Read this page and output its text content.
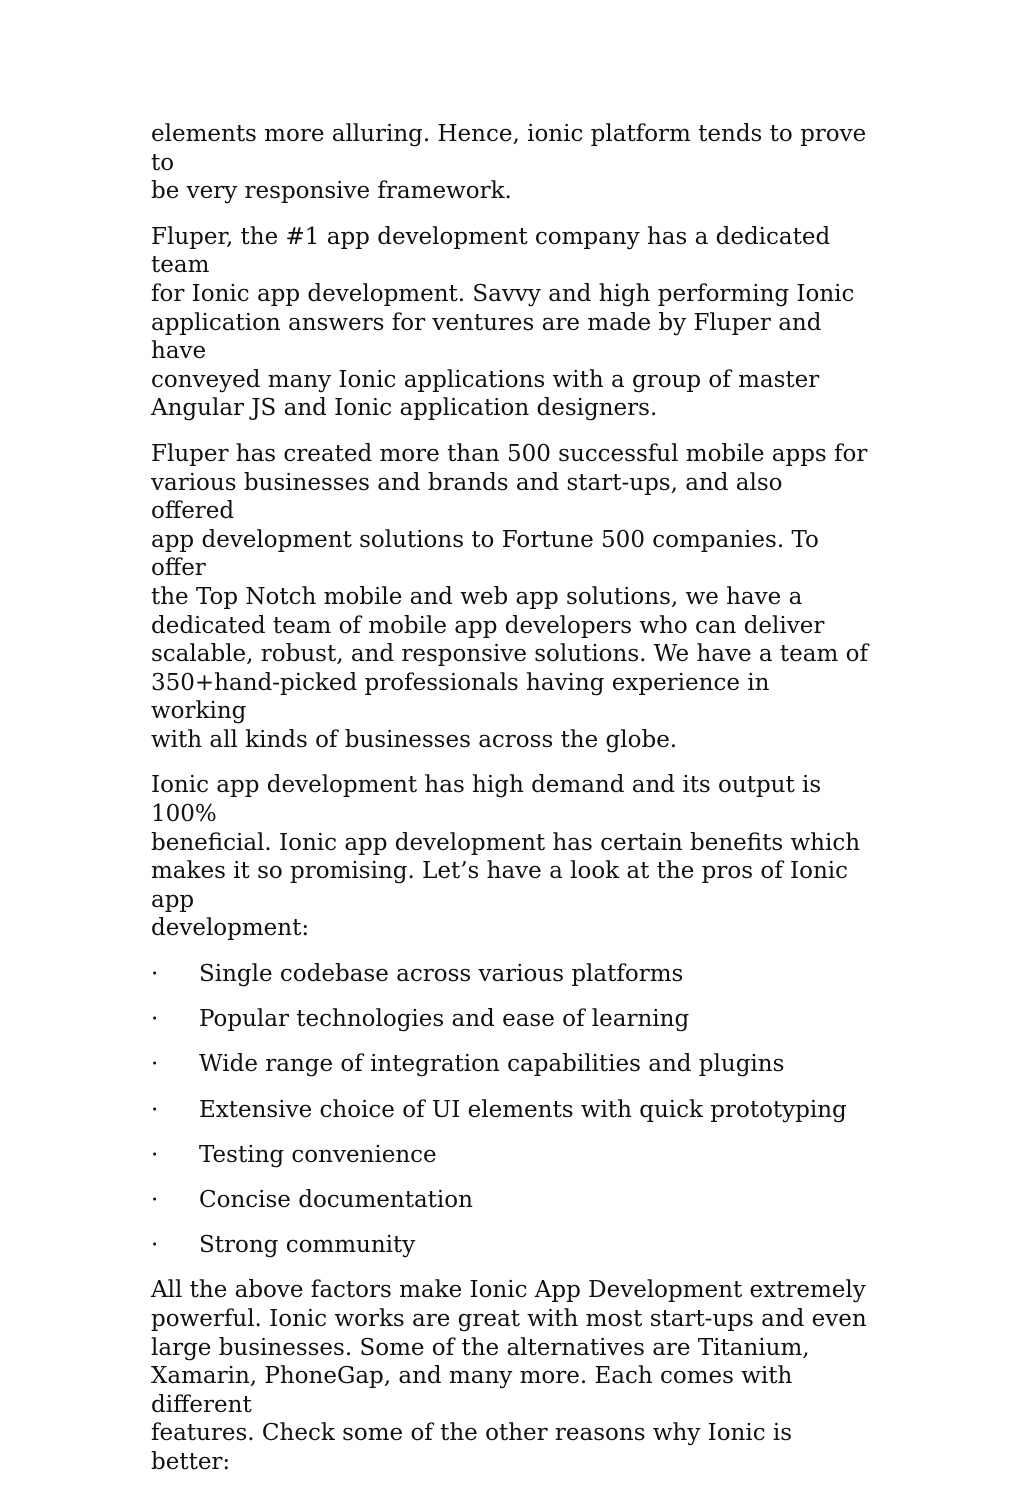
elements more alluring. Hence, ionic platform tends to prove to
be very responsive framework.

Fluper, the #1 app development company has a dedicated team
for Ionic app development. Savvy and high performing Ionic
application answers for ventures are made by Fluper and have
conveyed many Ionic applications with a group of master
Angular JS and Ionic application designers.

Fluper has created more than 500 successful mobile apps for
various businesses and brands and start-ups, and also offered
app development solutions to Fortune 500 companies. To offer
the Top Notch mobile and web app solutions, we have a
dedicated team of mobile app developers who can deliver
scalable, robust, and responsive solutions. We have a team of
350+hand-picked professionals having experience in working
with all kinds of businesses across the globe.

Ionic app development has high demand and its output is 100%
beneficial. Ionic app development has certain benefits which
makes it so promising. Let’s have a look at the pros of Ionic app
development:

·	Single codebase across various platforms
·	Popular technologies and ease of learning
·	Wide range of integration capabilities and plugins
·	Extensive choice of UI elements with quick prototyping
·	Testing convenience
·	Concise documentation
·	Strong community

All the above factors make Ionic App Development extremely
powerful. Ionic works are great with most start-ups and even
large businesses. Some of the alternatives are Titanium,
Xamarin, PhoneGap, and many more. Each comes with different
features. Check some of the other reasons why Ionic is better:
